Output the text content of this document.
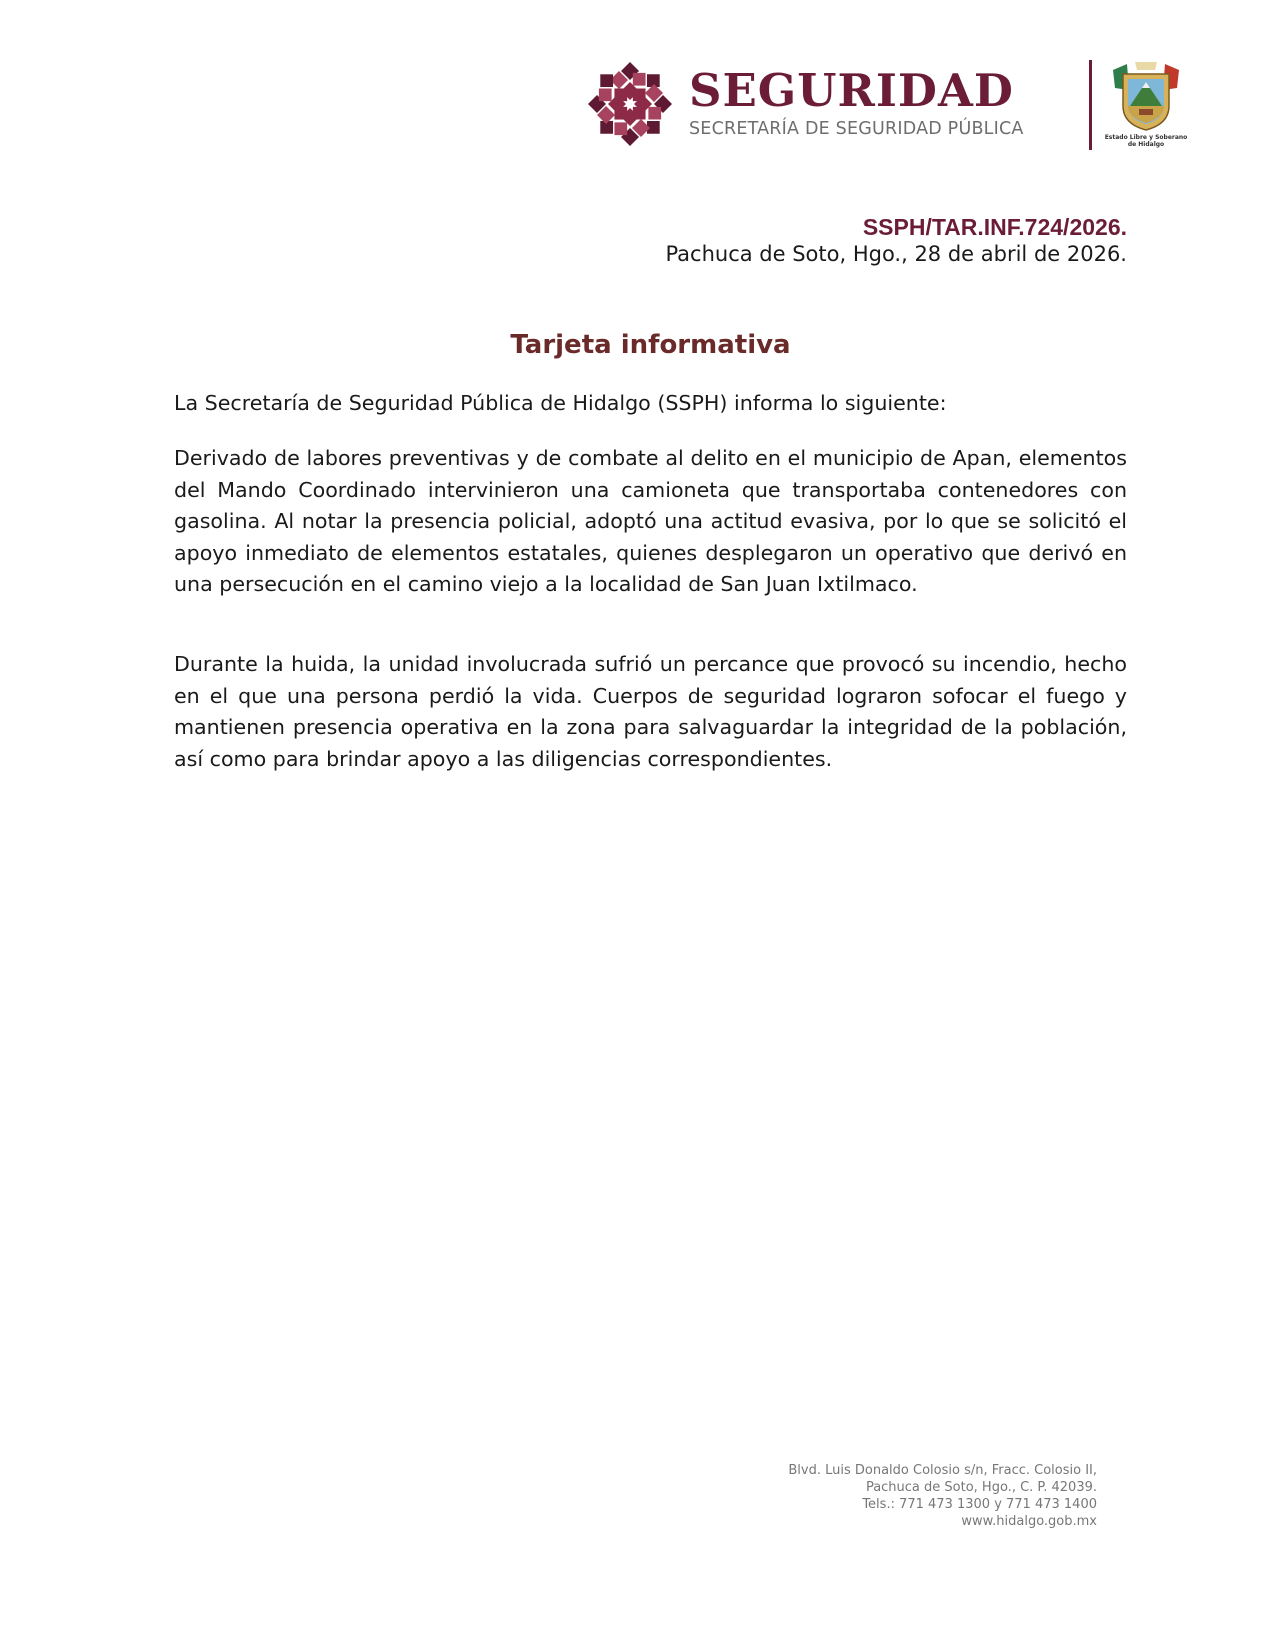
SEGURIDAD
SECRETARÍA DE SEGURIDAD PÚBLICA	Estado Libre y Soberano de Hidalgo
SSPH/TAR.INF.724/2026.
Pachuca de Soto, Hgo., 28 de abril de 2026.
Tarjeta informativa

La Secretaría de Seguridad Pública de Hidalgo (SSPH) informa lo siguiente:

Derivado de labores preventivas y de combate al delito en el municipio de Apan, elementos del Mando Coordinado intervinieron una camioneta que transportaba contenedores con gasolina. Al notar la presencia policial, adoptó una actitud evasiva, por lo que se solicitó el apoyo inmediato de elementos estatales, quienes desplegaron un operativo que derivó en una persecución en el camino viejo a la localidad de San Juan Ixtilmaco.

Durante la huida, la unidad involucrada sufrió un percance que provocó su incendio, hecho en el que una persona perdió la vida. Cuerpos de seguridad lograron sofocar el fuego y mantienen presencia operativa en la zona para salvaguardar la integridad de la población, así como para brindar apoyo a las diligencias correspondientes.

Blvd. Luis Donaldo Colosio s/n, Fracc. Colosio II,
Pachuca de Soto, Hgo., C. P. 42039.
Tels.: 771 473 1300 y 771 473 1400
www.hidalgo.gob.mx
